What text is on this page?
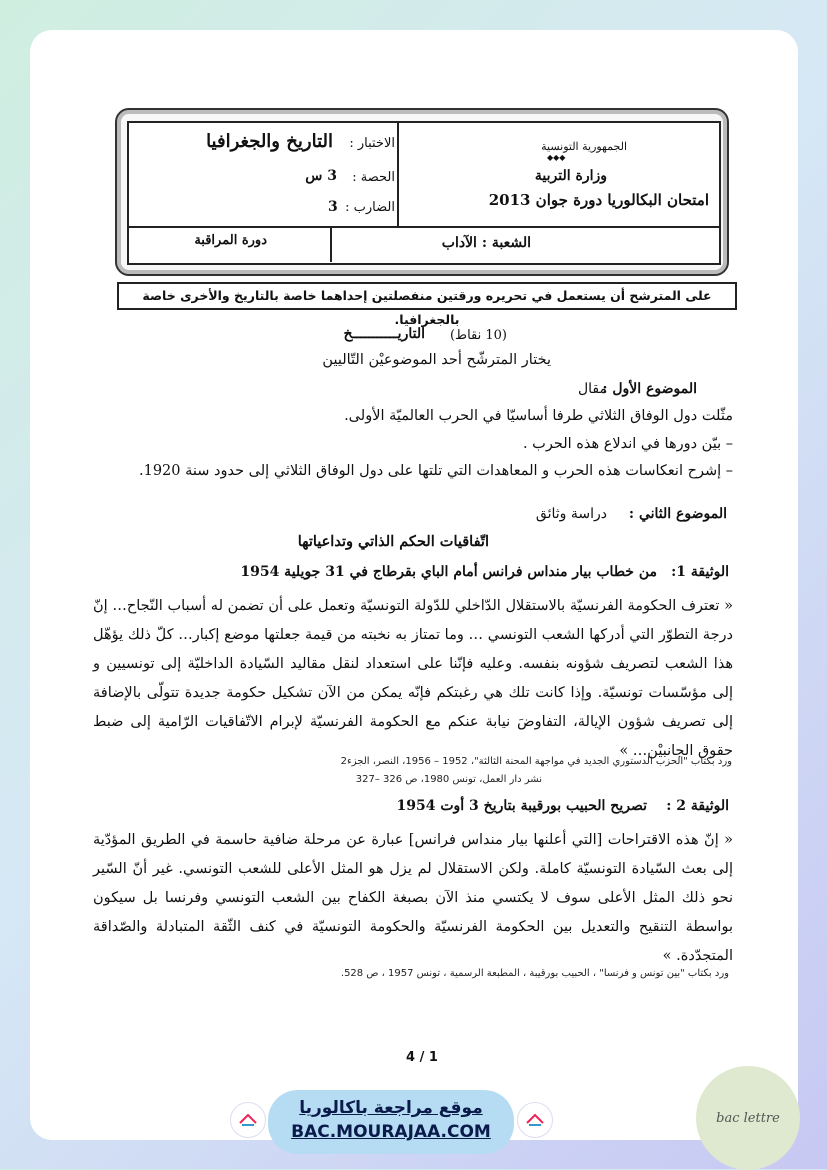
الجمهورية التونسية
◆◆◆
وزارة التربية
امتحان البكالوريا دورة جوان 2013
الاختبار :
التاريخ والجغرافيا
الحصة :
3 س
الضارب :
3
الشعبة : الآداب
دورة المراقبة
على المترشح أن يستعمل في تحريره ورقتين منفصلتين إحداهما خاصة بالتاريخ والأخرى خاصة بالجغرافيا.
التاريـــــــــــخ (10 نقاط)
يختار المترشّح أحد الموضوعيْن التّاليين
الموضوع الأول :
مقال
مثّلت دول الوفاق الثلاثي طرفا أساسيّا في الحرب العالميّة الأولى.
– بيّن دورها في اندلاع هذه الحرب .
– إشرح انعكاسات هذه الحرب و المعاهدات التي تلتها على دول الوفاق الثلاثي إلى حدود سنة 1920.
الموضوع الثاني :
دراسة وثائق
اتّفاقيات الحكم الذاتي وتداعياتها
الوثيقة 1:
من خطاب بيار منداس فرانس أمام الباي بقرطاج في 31 جويلية 1954
« تعترف الحكومة الفرنسيّة بالاستقلال الدّاخلي للدّولة التونسيّة وتعمل على أن تضمن له أسباب النّجاح… إنّ درجة التطوّر التي أدركها الشعب التونسي … وما تمتاز به نخبته من قيمة جعلتها موضع إكبار… كلّ ذلك يؤهّل هذا الشعب لتصريف شؤونه بنفسه. وعليه فإنّنا على استعداد لنقل مقاليد السّيادة الداخليّة إلى تونسيين و إلى مؤسّسات تونسيّة. وإذا كانت تلك هي رغبتكم فإنّه يمكن من الآن تشكيل حكومة جديدة تتولّى بالإضافة إلى تصريف شؤون الإيالة، التفاوضَ نيابة عنكم مع الحكومة الفرنسيّة لإبرام الاتّفاقيات الرّامية إلى ضبط حقوق الجانبيْن… »
ورد بكتاب "الحزب الدستوري الجديد في مواجهة المحنة الثالثة"، 1952 – 1956، النصر، الجزء2
نشر دار العمل، تونس 1980، ص 326 –327
الوثيقة 2 :
تصريح الحبيب بورقيبة بتاريخ 3 أوت 1954
« إنّ هذه الاقتراحات [التي أعلنها بيار منداس فرانس] عبارة عن مرحلة ضافية حاسمة في الطريق المؤدّية إلى بعث السّيادة التونسيّة كاملة. ولكن الاستقلال لم يزل هو المثل الأعلى للشعب التونسي. غير أنّ السّير نحو ذلك المثل الأعلى سوف لا يكتسي منذ الآن بصبغة الكفاح بين الشعب التونسي وفرنسا بل سيكون بواسطة التنقيح والتعديل بين الحكومة الفرنسيّة والحكومة التونسيّة في كنف الثّقة المتبادلة والصّداقة المتجدّدة. »
ورد بكتاب "بين تونس و فرنسا" ، الحبيب بورقيبة ، المطبعة الرسمية ، تونس 1957 ، ص 528.
4 / 1
موقع مراجعة باكالوريا
BAC.MOURAJAA.COM
bac lettre
